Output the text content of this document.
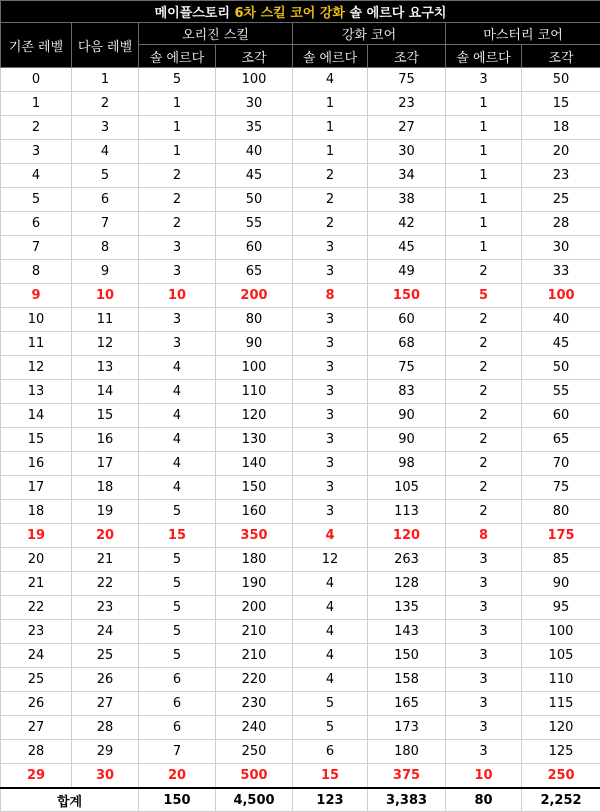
메이플스토리 6차 스킬 코어 강화 솔 에르다 요구치							
기존 레벨	다음 레벨	오리진 스킬		강화 코어		마스터리 코어	
		솔 에르다	조각	솔 에르다	조각	솔 에르다	조각
0	1	5	100	4	75	3	50
1	2	1	30	1	23	1	15
2	3	1	35	1	27	1	18
3	4	1	40	1	30	1	20
4	5	2	45	2	34	1	23
5	6	2	50	2	38	1	25
6	7	2	55	2	42	1	28
7	8	3	60	3	45	1	30
8	9	3	65	3	49	2	33
9	10	10	200	8	150	5	100
10	11	3	80	3	60	2	40
11	12	3	90	3	68	2	45
12	13	4	100	3	75	2	50
13	14	4	110	3	83	2	55
14	15	4	120	3	90	2	60
15	16	4	130	3	90	2	65
16	17	4	140	3	98	2	70
17	18	4	150	3	105	2	75
18	19	5	160	3	113	2	80
19	20	15	350	4	120	8	175
20	21	5	180	12	263	3	85
21	22	5	190	4	128	3	90
22	23	5	200	4	135	3	95
23	24	5	210	4	143	3	100
24	25	5	210	4	150	3	105
25	26	6	220	4	158	3	110
26	27	6	230	5	165	3	115
27	28	6	240	5	173	3	120
28	29	7	250	6	180	3	125
29	30	20	500	15	375	10	250
합계		150	4,500	123	3,383	80	2,252
